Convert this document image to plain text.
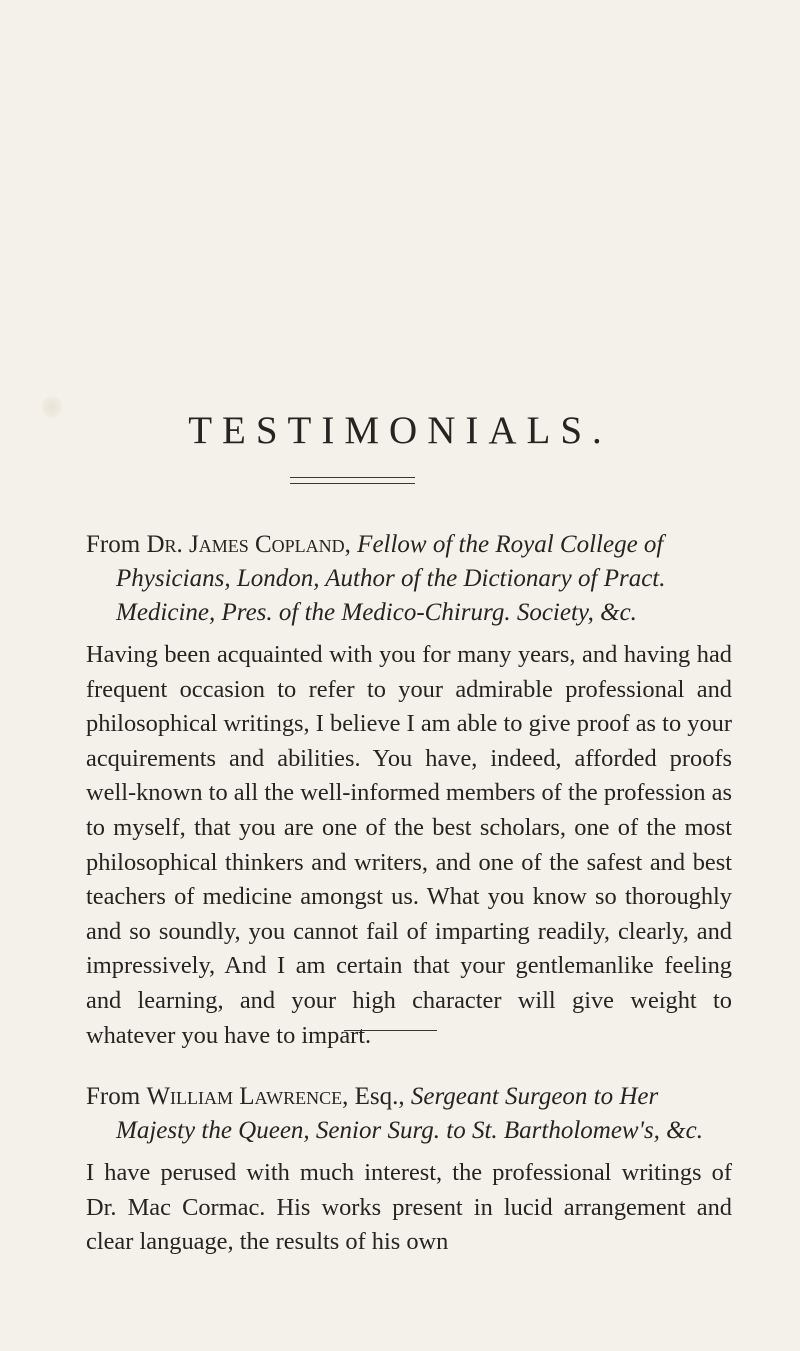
TESTIMONIALS.

From Dr. James Copland, Fellow of the Royal College of Physicians, London, Author of the Dictionary of Pract. Medicine, Pres. of the Medico-Chirurg. Society, &c.

Having been acquainted with you for many years, and having had frequent occasion to refer to your admirable professional and philosophical writings, I believe I am able to give proof as to your acquirements and abilities. You have, indeed, afforded proofs well-known to all the well-informed members of the profession as to myself, that you are one of the best scholars, one of the most philosophical thinkers and writers, and one of the safest and best teachers of medicine amongst us. What you know so thoroughly and so soundly, you cannot fail of imparting readily, clearly, and impressively, And I am certain that your gentlemanlike feeling and learning, and your high character will give weight to whatever you have to impart.

From William Lawrence, Esq., Sergeant Surgeon to Her Majesty the Queen, Senior Surg. to St. Bartholomew's, &c.

I have perused with much interest, the professional writings of Dr. Mac Cormac. His works present in lucid arrangement and clear language, the results of his own
